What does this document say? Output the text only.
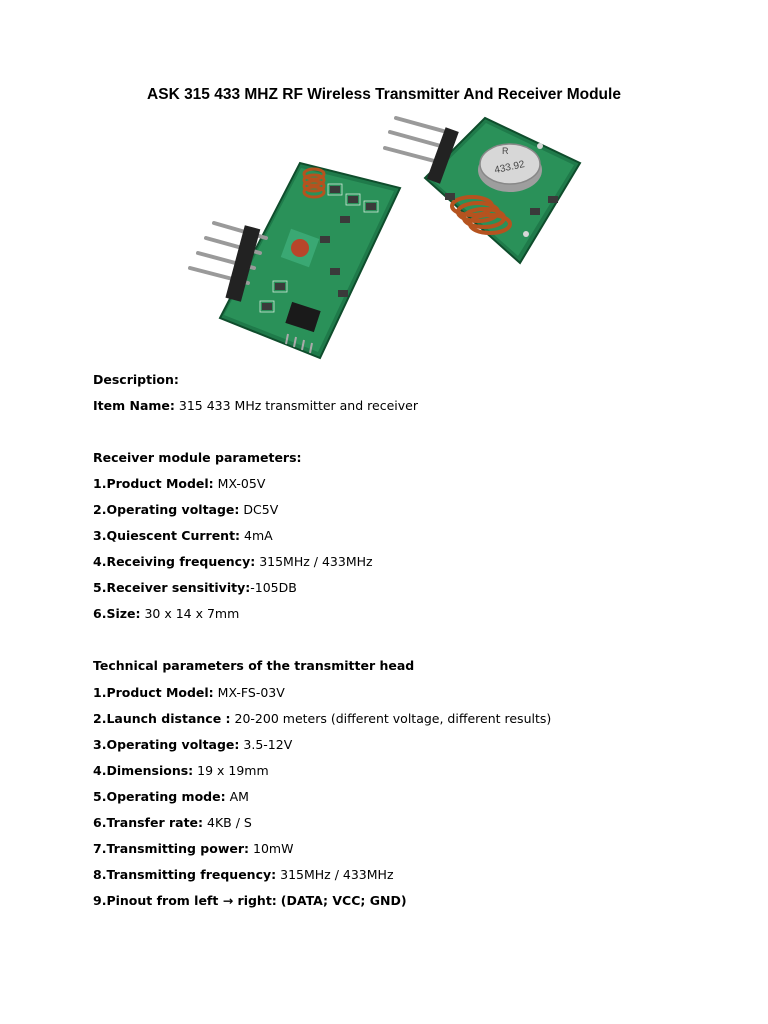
ASK 315 433 MHZ RF Wireless Transmitter And Receiver Module
R
433.92
Description:
Item Name: 315 433 MHz transmitter and receiver
Receiver module parameters:
1.Product Model: MX-05V
2.Operating voltage: DC5V
3.Quiescent Current: 4mA
4.Receiving frequency: 315MHz / 433MHz
5.Receiver sensitivity:-105DB
6.Size: 30 x 14 x 7mm
Technical parameters of the transmitter head
1.Product Model: MX-FS-03V
2.Launch distance : 20-200 meters (different voltage, different results)
3.Operating voltage: 3.5-12V
4.Dimensions: 19 x 19mm
5.Operating mode: AM
6.Transfer rate: 4KB / S
7.Transmitting power: 10mW
8.Transmitting frequency: 315MHz / 433MHz
9.Pinout from left → right: (DATA; VCC; GND)
